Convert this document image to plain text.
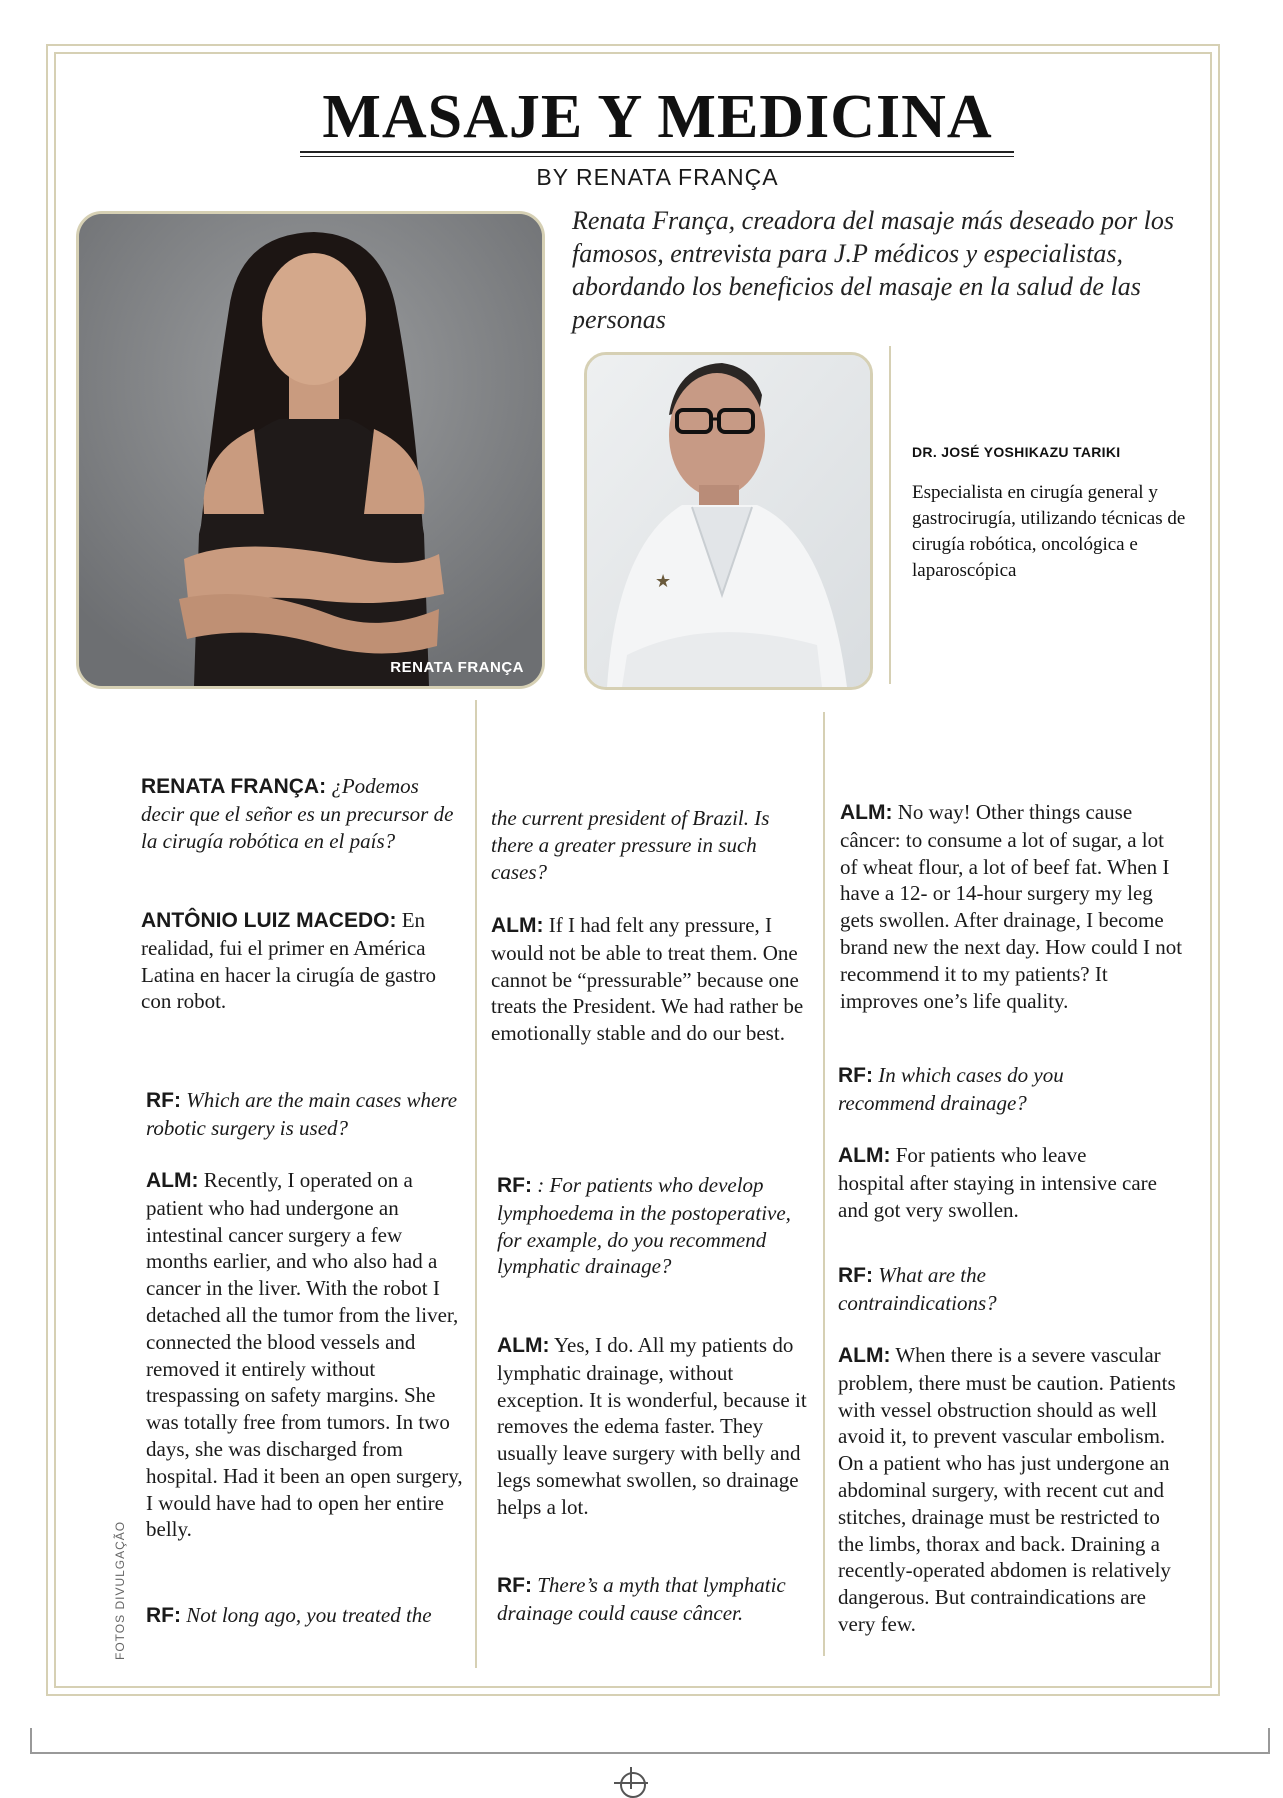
MASAJE Y MEDICINA
BY RENATA FRANÇA
RENATA FRANÇA

Renata França, creadora del masaje más deseado por los famosos, entrevista para J.P médicos y especialistas, abordando los beneficios del masaje en la salud de las personas

★
DR. JOSÉ YOSHIKAZU TARIKI

Especialista en cirugía general y gastrocirugía, utilizando técnicas de cirugía robótica, oncológica e laparoscópica

RENATA FRANÇA: ¿Podemos decir que el señor es un precursor de la cirugía robótica en el país?

ANTÔNIO LUIZ MACEDO: En realidad, fui el primer en América Latina en hacer la cirugía de gastro con robot.

RF: Which are the main cases where robotic surgery is used?

ALM: Recently, I operated on a patient who had undergone an intestinal cancer surgery a few months earlier, and who also had a cancer in the liver. With the robot I detached all the tumor from the liver, connected the blood vessels and removed it entirely without trespassing on safety margins. She was totally free from tumors. In two days, she was discharged from hospital. Had it been an open surgery, I would have had to open her entire belly.

RF: Not long ago, you treated the

the current president of Brazil. Is there a greater pressure in such cases?

ALM: If I had felt any pressure, I would not be able to treat them. One cannot be “pressurable” because one treats the President. We had rather be emotionally stable and do our best.

RF: : For patients who develop lymphoedema in the postoperative, for example, do you recommend lymphatic drainage?

ALM: Yes, I do. All my patients do lymphatic drainage, without exception. It is wonderful, because it removes the edema faster. They usually leave surgery with belly and legs somewhat swollen, so drainage helps a lot.

RF: There’s a myth that lymphatic drainage could cause câncer.

ALM: No way! Other things cause câncer: to consume a lot of sugar, a lot of wheat flour, a lot of beef fat. When I have a 12- or 14-hour surgery my leg gets swollen. After drainage, I become brand new the next day. How could I not recommend it to my patients? It improves one’s life quality.

RF: In which cases do you recommend drainage?

ALM: For patients who leave hospital after staying in intensive care and got very swollen.

RF: What are the contraindications?

ALM: When there is a severe vascular problem, there must be caution. Patients with vessel obstruction should as well avoid it, to prevent vascular embolism. On a patient who has just undergone an abdominal surgery, with recent cut and stitches, drainage must be restricted to the limbs, thorax and back. Draining a recently-operated abdomen is relatively dangerous. But contraindications are very few.

FOTOS DIVULGAÇÃO
